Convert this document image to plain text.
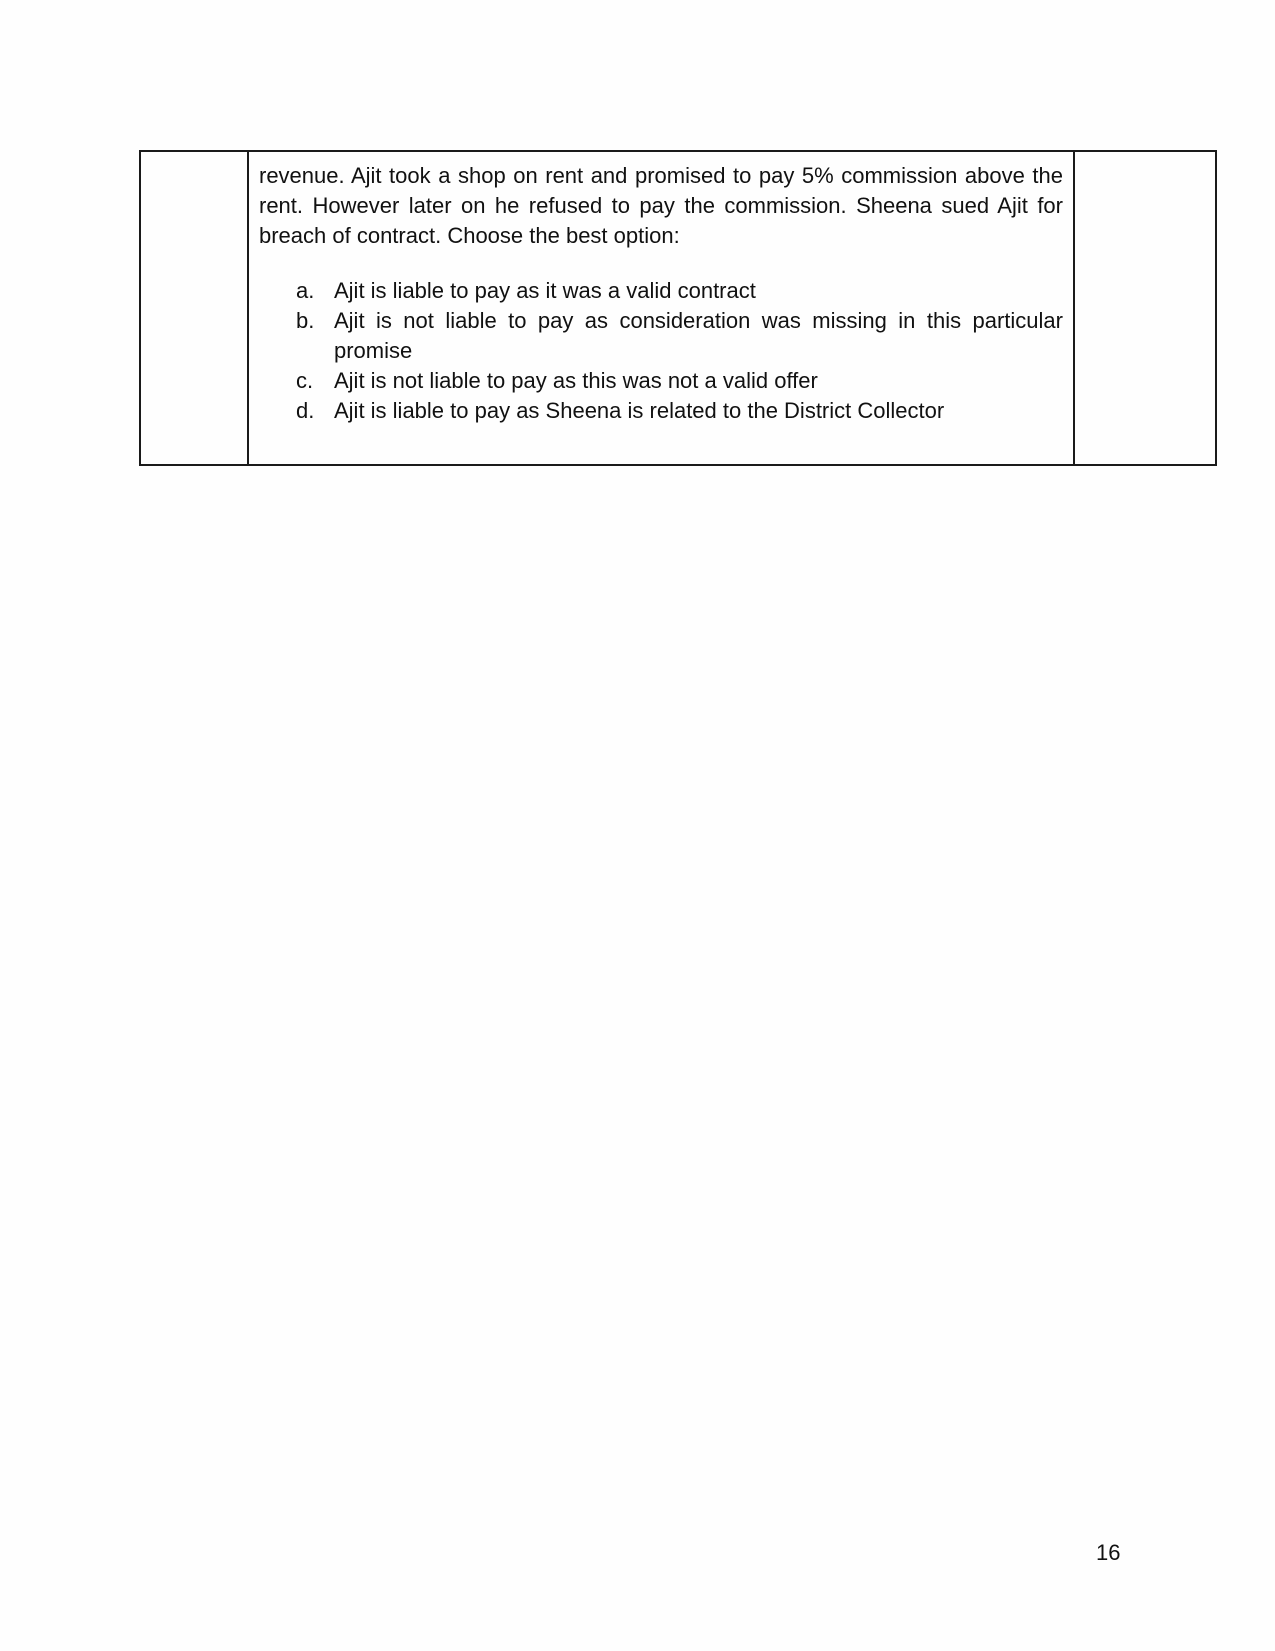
revenue. Ajit took a shop on rent and promised to pay 5% commission above the rent. However later on he refused to pay the commission. Sheena sued Ajit for breach of contract. Choose the best option:

a. Ajit is liable to pay as it was a valid contract
b. Ajit is not liable to pay as consideration was missing in this particular promise
c. Ajit is not liable to pay as this was not a valid offer
d. Ajit is liable to pay as Sheena is related to the District Collector

16
